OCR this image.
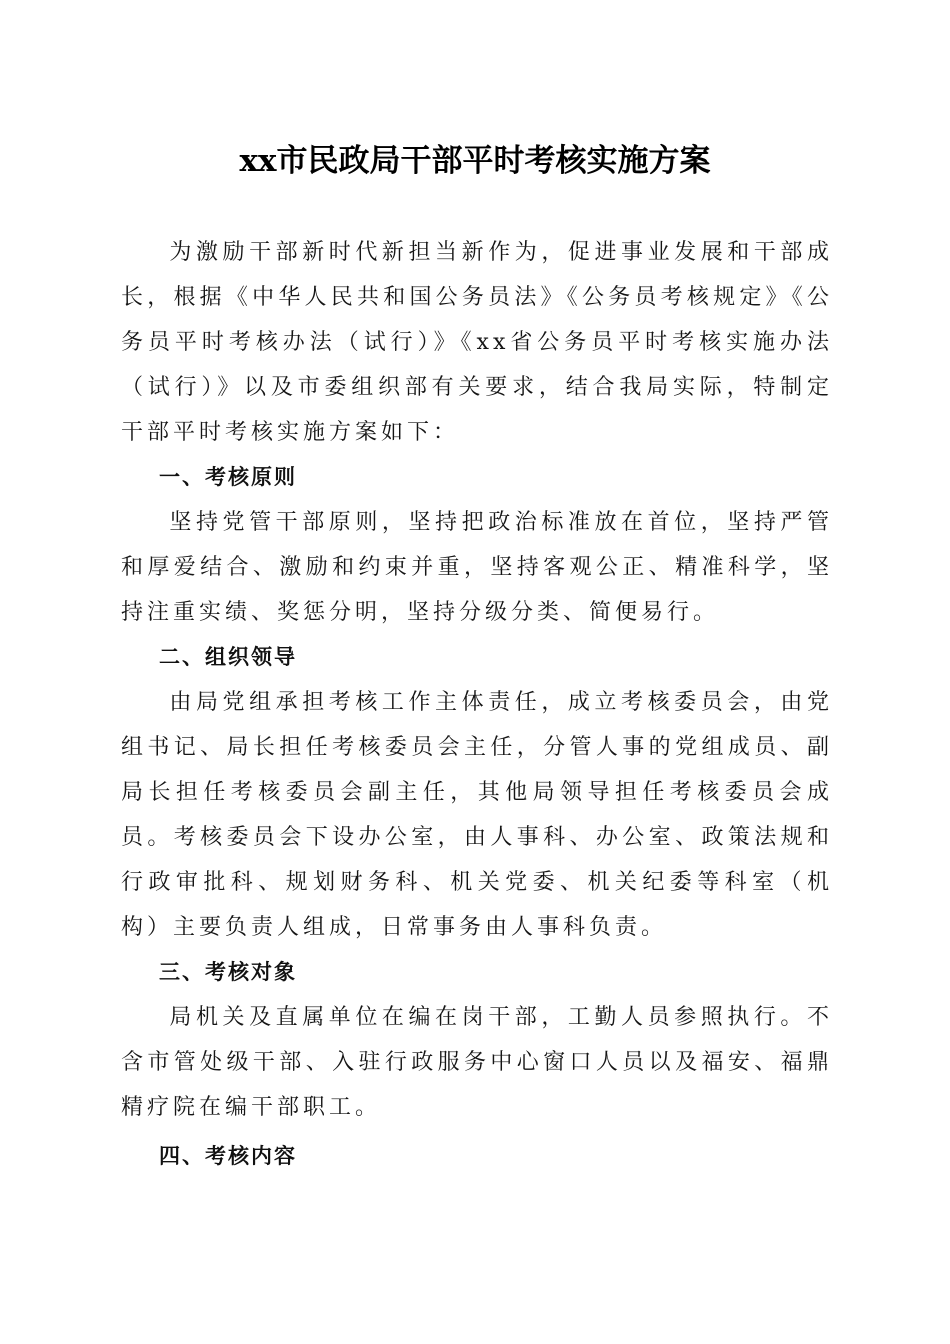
xx市民政局干部平时考核实施方案

为激励干部新时代新担当新作为，促进事业发展和干部成长，根据《中华人民共和国公务员法》《公务员考核规定》《公务员平时考核办法（试行）》《xx省公务员平时考核实施办法（试行）》以及市委组织部有关要求，结合我局实际，特制定干部平时考核实施方案如下：

一、考核原则

坚持党管干部原则，坚持把政治标准放在首位，坚持严管和厚爱结合、激励和约束并重，坚持客观公正、精准科学，坚持注重实绩、奖惩分明，坚持分级分类、简便易行。

二、组织领导

由局党组承担考核工作主体责任，成立考核委员会，由党组书记、局长担任考核委员会主任，分管人事的党组成员、副局长担任考核委员会副主任，其他局领导担任考核委员会成员。考核委员会下设办公室，由人事科、办公室、政策法规和行政审批科、规划财务科、机关党委、机关纪委等科室（机构）主要负责人组成，日常事务由人事科负责。

三、考核对象

局机关及直属单位在编在岗干部，工勤人员参照执行。不含市管处级干部、入驻行政服务中心窗口人员以及福安、福鼎精疗院在编干部职工。

四、考核内容
